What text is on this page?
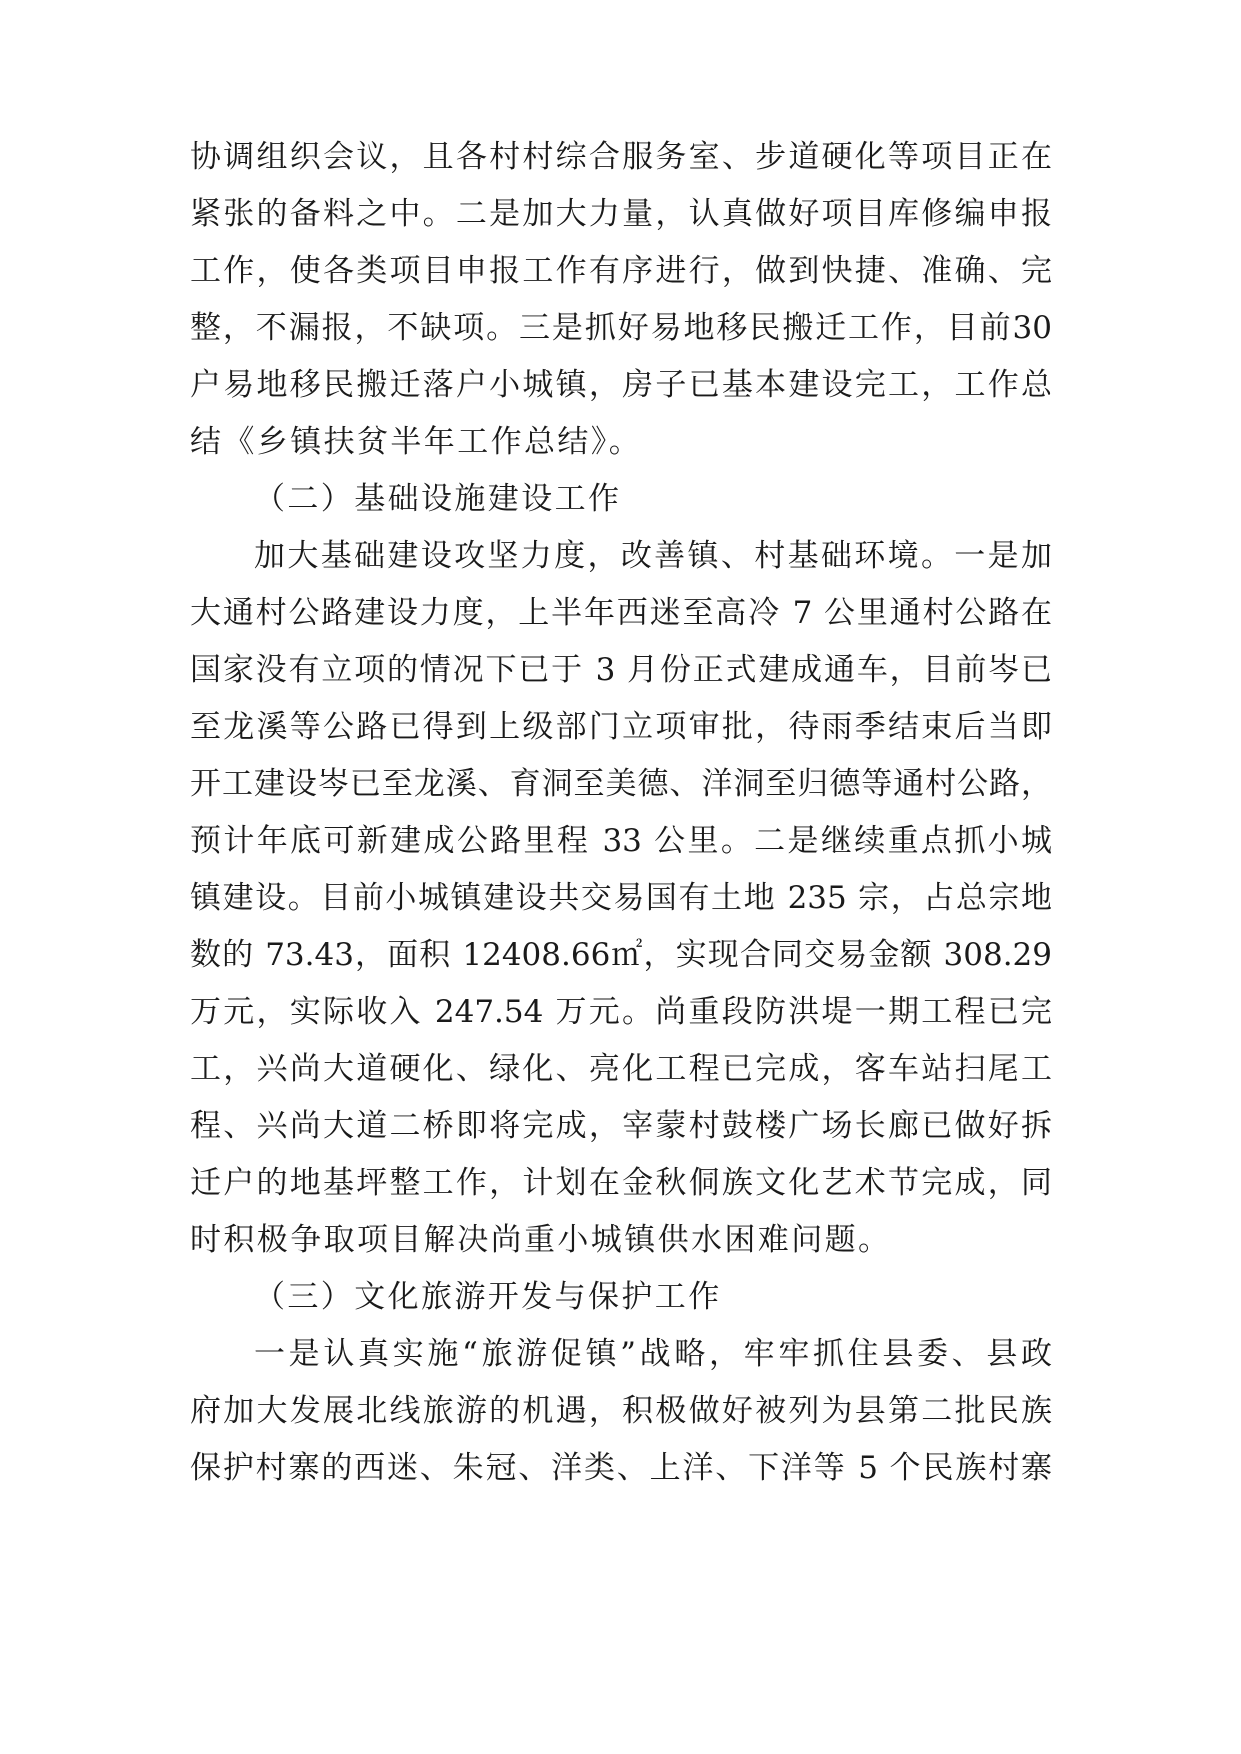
协调组织会议，且各村村综合服务室、步道硬化等项目正在
紧张的备料之中。二是加大力量，认真做好项目库修编申报
工作，使各类项目申报工作有序进行，做到快捷、准确、完
整，不漏报，不缺项。三是抓好易地移民搬迁工作，目前30
户易地移民搬迁落户小城镇，房子已基本建设完工，工作总
结《乡镇扶贫半年工作总结》。
（二）基础设施建设工作
加大基础建设攻坚力度，改善镇、村基础环境。一是加
大通村公路建设力度，上半年西迷至高冷 7 公里通村公路在
国家没有立项的情况下已于 3 月份正式建成通车，目前岑已
至龙溪等公路已得到上级部门立项审批，待雨季结束后当即
开工建设岑已至龙溪、育洞至美德、洋洞至归德等通村公路，
预计年底可新建成公路里程 33 公里。二是继续重点抓小城
镇建设。目前小城镇建设共交易国有土地 235 宗，占总宗地
数的 73.43，面积 12408.66㎡，实现合同交易金额 308.29
万元，实际收入 247.54 万元。尚重段防洪堤一期工程已完
工，兴尚大道硬化、绿化、亮化工程已完成，客车站扫尾工
程、兴尚大道二桥即将完成，宰蒙村鼓楼广场长廊已做好拆
迁户的地基坪整工作，计划在金秋侗族文化艺术节完成，同
时积极争取项目解决尚重小城镇供水困难问题。
（三）文化旅游开发与保护工作
一是认真实施“旅游促镇”战略，牢牢抓住县委、县政
府加大发展北线旅游的机遇，积极做好被列为县第二批民族
保护村寨的西迷、朱冠、洋类、上洋、下洋等 5 个民族村寨
